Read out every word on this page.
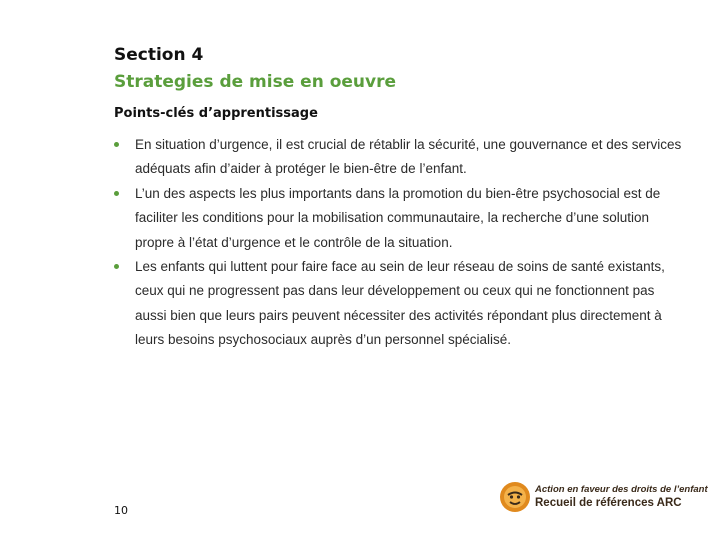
Section 4
Strategies de mise en oeuvre
Points-clés d’apprentissage
En situation d’urgence, il est crucial de rétablir la sécurité, une gouvernance et des services adéquats afin d’aider à protéger le bien-être de l’enfant.
L’un des aspects les plus importants dans la promotion du bien-être psychosocial est de faciliter les conditions pour la mobilisation communautaire, la recherche d’une solution propre à l’état d’urgence et le contrôle de la situation.
Les enfants qui luttent pour faire face au sein de leur réseau de soins de santé existants, ceux qui ne progressent pas dans leur développement ou ceux qui ne fonctionnent pas aussi bien que leurs pairs peuvent nécessiter des activités répondant plus directement à leurs besoins psychosociaux auprès d’un personnel spécialisé.
10
Action en faveur des droits de l’enfant
Recueil de références ARC
